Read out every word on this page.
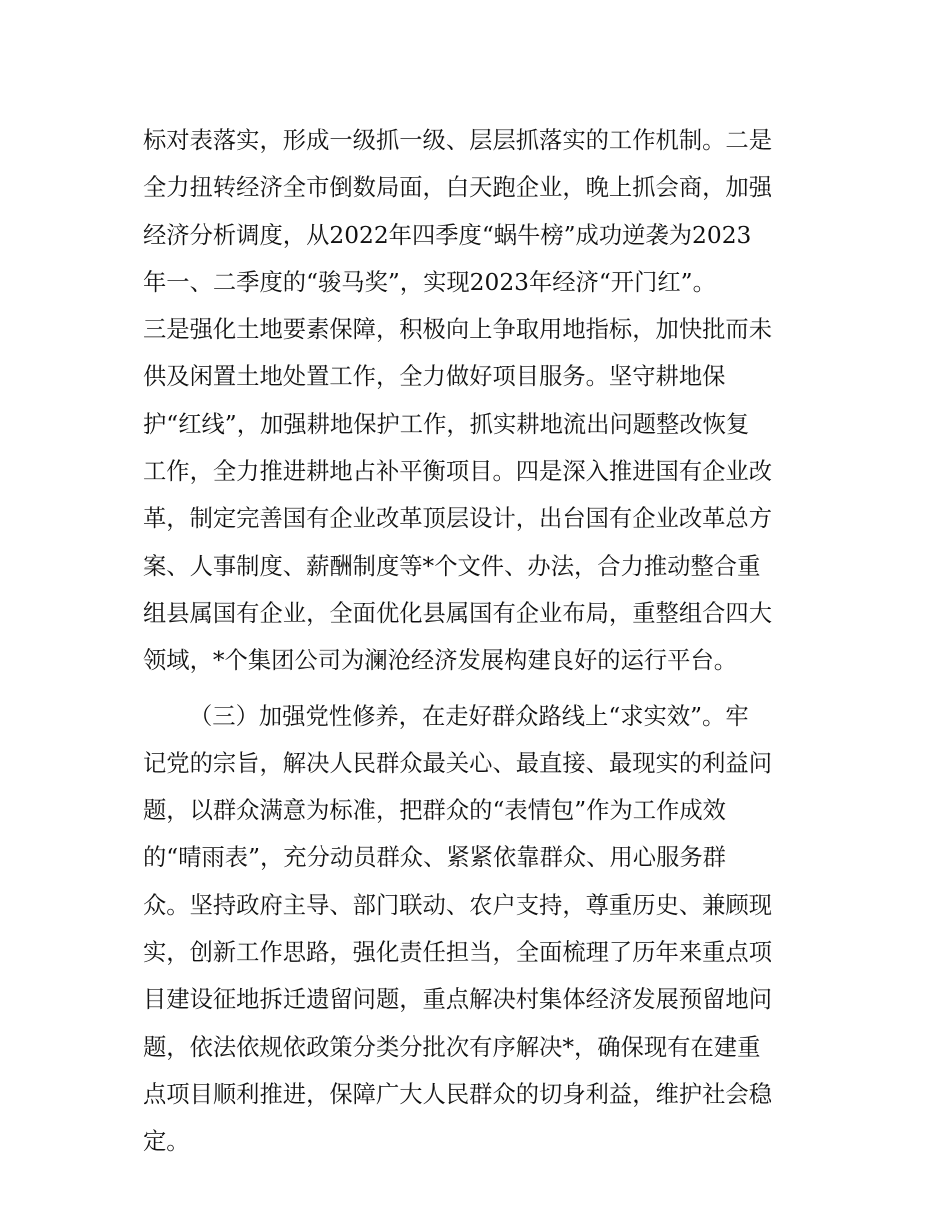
标对表落实，形成一级抓一级、层层抓落实的工作机制。二是
全力扭转经济全市倒数局面，白天跑企业，晚上抓会商，加强
经济分析调度，从2022年四季度“蜗牛榜”成功逆袭为2023
年一、二季度的“骏马奖”，实现2023年经济“开门红”。
三是强化土地要素保障，积极向上争取用地指标，加快批而未
供及闲置土地处置工作，全力做好项目服务。坚守耕地保
护“红线”，加强耕地保护工作，抓实耕地流出问题整改恢复
工作，全力推进耕地占补平衡项目。四是深入推进国有企业改
革，制定完善国有企业改革顶层设计，出台国有企业改革总方
案、人事制度、薪酬制度等*个文件、办法，合力推动整合重
组县属国有企业，全面优化县属国有企业布局，重整组合四大
领域，*个集团公司为澜沧经济发展构建良好的运行平台。
（三）加强党性修养，在走好群众路线上“求实效”。牢
记党的宗旨，解决人民群众最关心、最直接、最现实的利益问
题，以群众满意为标准，把群众的“表情包”作为工作成效
的“晴雨表”，充分动员群众、紧紧依靠群众、用心服务群
众。坚持政府主导、部门联动、农户支持，尊重历史、兼顾现
实，创新工作思路，强化责任担当，全面梳理了历年来重点项
目建设征地拆迁遗留问题，重点解决村集体经济发展预留地问
题，依法依规依政策分类分批次有序解决*，确保现有在建重
点项目顺利推进，保障广大人民群众的切身利益，维护社会稳
定。
